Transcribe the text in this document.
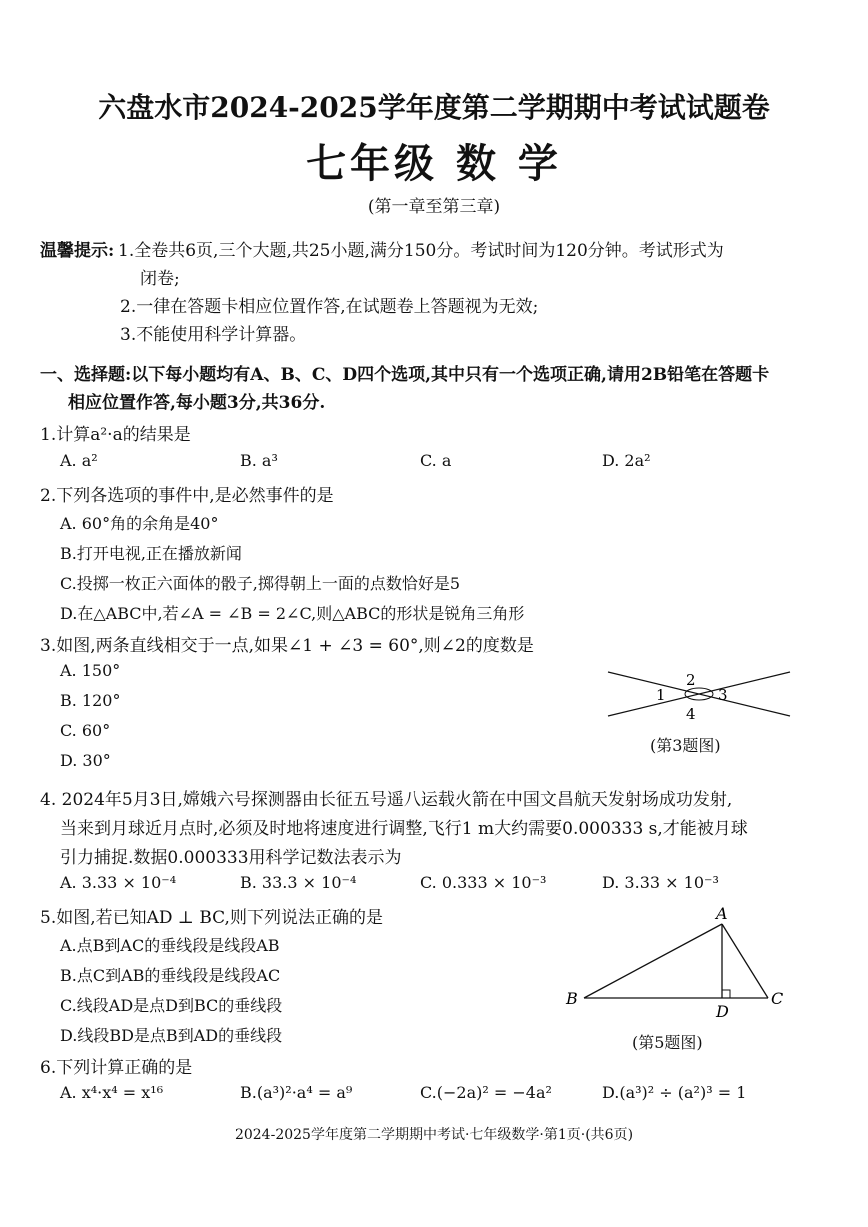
六盘水市2024-2025学年度第二学期期中考试试题卷
七年级 数 学
(第一章至第三章)
温馨提示: 1.全卷共6页,三个大题,共25小题,满分150分。考试时间为120分钟。考试形式为
闭卷;
2.一律在答题卡相应位置作答,在试题卷上答题视为无效;
3.不能使用科学计算器。
一、选择题:以下每小题均有A、B、C、D四个选项,其中只有一个选项正确,请用2B铅笔在答题卡
相应位置作答,每小题3分,共36分.
1.计算a²·a的结果是
A. a²	B. a³	C. a	D. 2a²
2.下列各选项的事件中,是必然事件的是
A. 60°角的余角是40°
B.打开电视,正在播放新闻
C.投掷一枚正六面体的骰子,掷得朝上一面的点数恰好是5
D.在△ABC中,若∠A = ∠B = 2∠C,则△ABC的形状是锐角三角形
3.如图,两条直线相交于一点,如果∠1 + ∠3 = 60°,则∠2的度数是
A. 150°
B. 120°
C. 60°
D. 30°
2
1	3
4
(第3题图)
4. 2024年5月3日,嫦娥六号探测器由长征五号遥八运载火箭在中国文昌航天发射场成功发射,
当来到月球近月点时,必须及时地将速度进行调整,飞行1 m大约需要0.000333 s,才能被月球
引力捕捉.数据0.000333用科学记数法表示为
A. 3.33 × 10⁻⁴	B. 33.3 × 10⁻⁴	C. 0.333 × 10⁻³	D. 3.33 × 10⁻³
5.如图,若已知AD ⊥ BC,则下列说法正确的是
A.点B到AC的垂线段是线段AB
B.点C到AB的垂线段是线段AC
C.线段AD是点D到BC的垂线段
D.线段BD是点B到AD的垂线段
A
B	C
D
(第5题图)
6.下列计算正确的是
A. x⁴·x⁴ = x¹⁶	B.(a³)²·a⁴ = a⁹	C.(−2a)² = −4a²	D.(a³)² ÷ (a²)³ = 1
2024-2025学年度第二学期期中考试·七年级数学·第1页·(共6页)
